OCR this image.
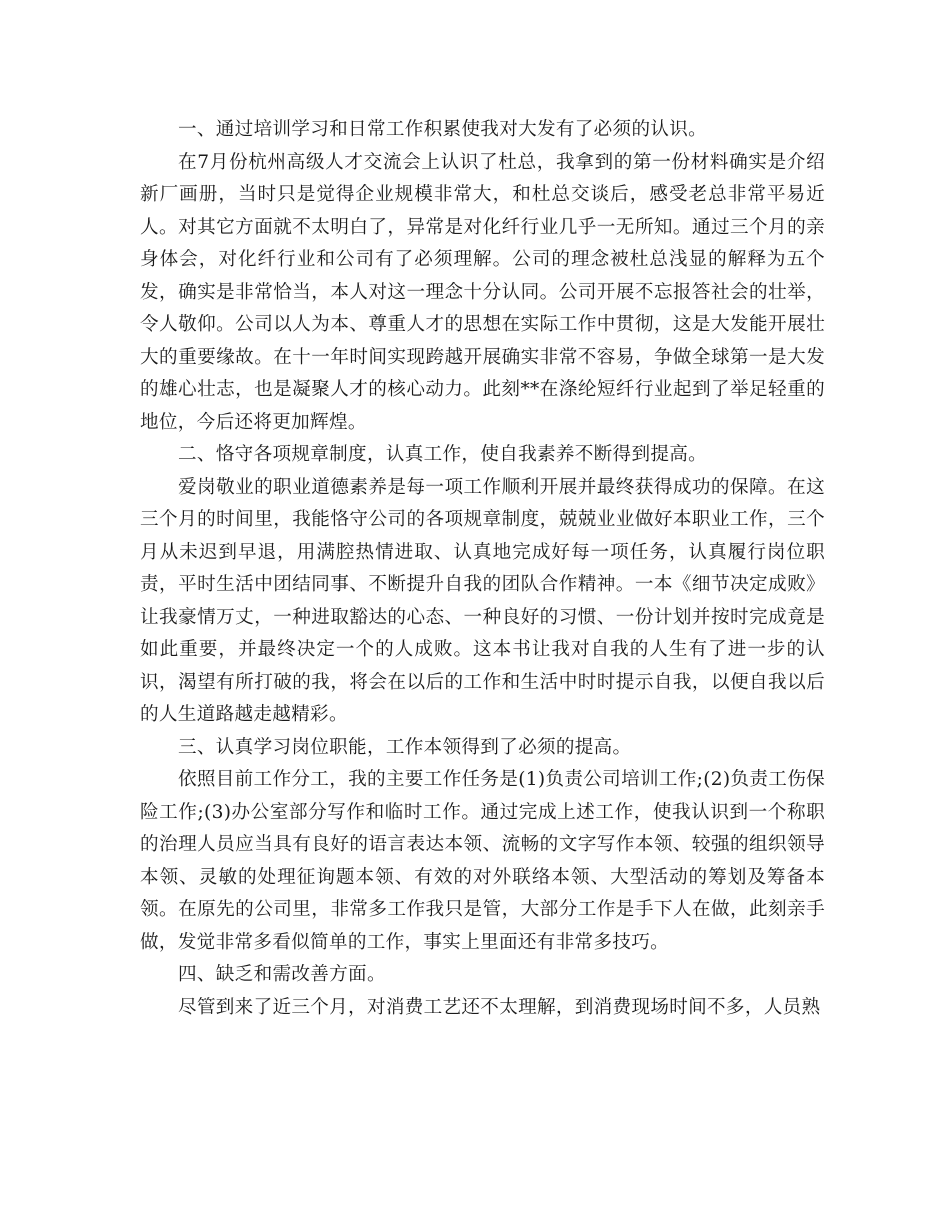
一、通过培训学习和日常工作积累使我对大发有了必须的认识。

在7月份杭州高级人才交流会上认识了杜总，我拿到的第一份材料确实是介绍新厂画册，当时只是觉得企业规模非常大，和杜总交谈后，感受老总非常平易近人。对其它方面就不太明白了，异常是对化纤行业几乎一无所知。通过三个月的亲身体会，对化纤行业和公司有了必须理解。公司的理念被杜总浅显的解释为五个发，确实是非常恰当，本人对这一理念十分认同。公司开展不忘报答社会的壮举，令人敬仰。公司以人为本、尊重人才的思想在实际工作中贯彻，这是大发能开展壮大的重要缘故。在十一年时间实现跨越开展确实非常不容易，争做全球第一是大发的雄心壮志，也是凝聚人才的核心动力。此刻**在涤纶短纤行业起到了举足轻重的地位，今后还将更加辉煌。

二、恪守各项规章制度，认真工作，使自我素养不断得到提高。

爱岗敬业的职业道德素养是每一项工作顺利开展并最终获得成功的保障。在这三个月的时间里，我能恪守公司的各项规章制度，兢兢业业做好本职业工作，三个月从未迟到早退，用满腔热情进取、认真地完成好每一项任务，认真履行岗位职责，平时生活中团结同事、不断提升自我的团队合作精神。一本《细节决定成败》让我豪情万丈，一种进取豁达的心态、一种良好的习惯、一份计划并按时完成竟是如此重要，并最终决定一个的人成败。这本书让我对自我的人生有了进一步的认识，渴望有所打破的我，将会在以后的工作和生活中时时提示自我，以便自我以后的人生道路越走越精彩。

三、认真学习岗位职能，工作本领得到了必须的提高。

依照目前工作分工，我的主要工作任务是(1)负责公司培训工作;(2)负责工伤保险工作;(3)办公室部分写作和临时工作。通过完成上述工作，使我认识到一个称职的治理人员应当具有良好的语言表达本领、流畅的文字写作本领、较强的组织领导本领、灵敏的处理征询题本领、有效的对外联络本领、大型活动的筹划及筹备本领。在原先的公司里，非常多工作我只是管，大部分工作是手下人在做，此刻亲手做，发觉非常多看似简单的工作，事实上里面还有非常多技巧。

四、缺乏和需改善方面。

尽管到来了近三个月，对消费工艺还不太理解，到消费现场时间不多，人员熟
